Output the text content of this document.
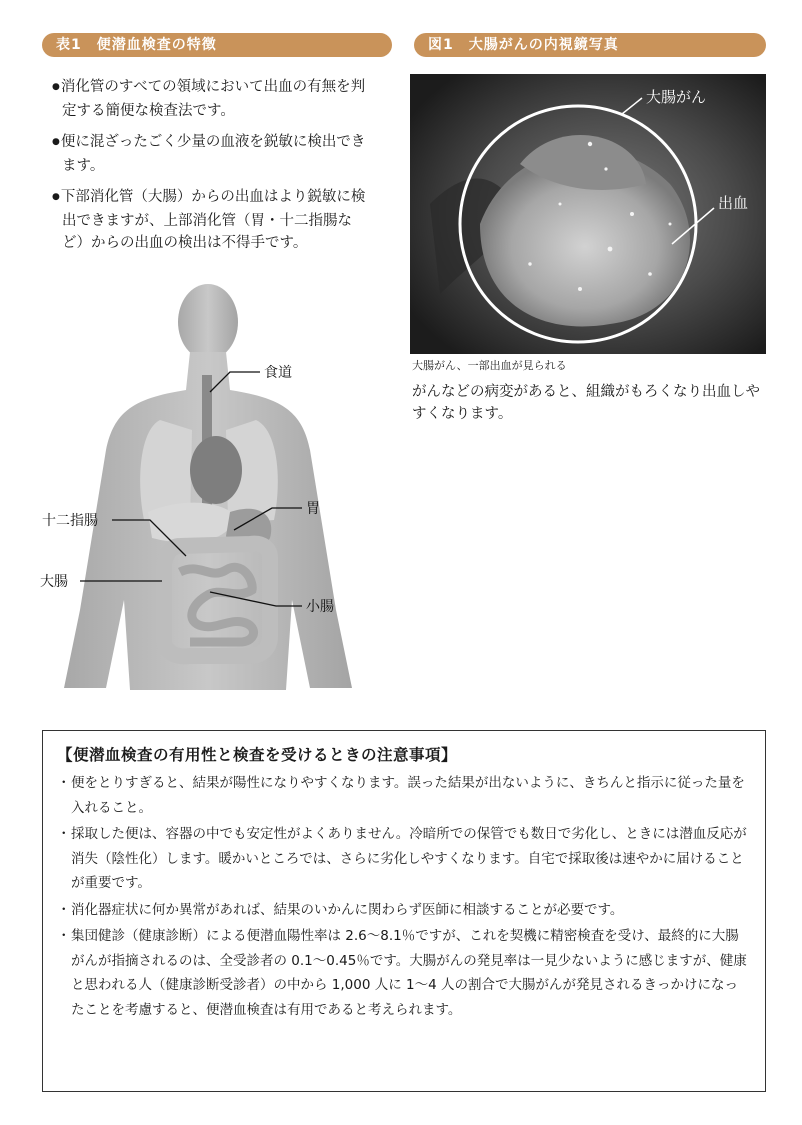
表1　便潜血検査の特徴
● 消化管のすべての領域において出血の有無を判定する簡便な検査法です。
● 便に混ざったごく少量の血液を鋭敏に検出できます。
● 下部消化管（大腸）からの出血はより鋭敏に検出できますが、上部消化管（胃・十二指腸など）からの出血の検出は不得手です。
食道
胃
十二指腸
大腸
小腸
図1　大腸がんの内視鏡写真
大腸がん
出血
大腸がん、一部出血が見られる
がんなどの病変があると、組織がもろくなり出血しやすくなります。
【便潜血検査の有用性と検査を受けるときの注意事項】
・ 便をとりすぎると、結果が陽性になりやすくなります。誤った結果が出ないように、きちんと指示に従った量を入れること。
・ 採取した便は、容器の中でも安定性がよくありません。冷暗所での保管でも数日で劣化し、ときには潜血反応が消失（陰性化）します。暖かいところでは、さらに劣化しやすくなります。自宅で採取後は速やかに届けることが重要です。
・ 消化器症状に何か異常があれば、結果のいかんに関わらず医師に相談することが必要です。
・ 集団健診（健康診断）による便潜血陽性率は 2.6〜8.1％ですが、これを契機に精密検査を受け、最終的に大腸がんが指摘されるのは、全受診者の 0.1〜0.45％です。大腸がんの発見率は一見少ないように感じますが、健康と思われる人（健康診断受診者）の中から 1,000 人に 1〜4 人の割合で大腸がんが発見されるきっかけになったことを考慮すると、便潜血検査は有用であると考えられます。
